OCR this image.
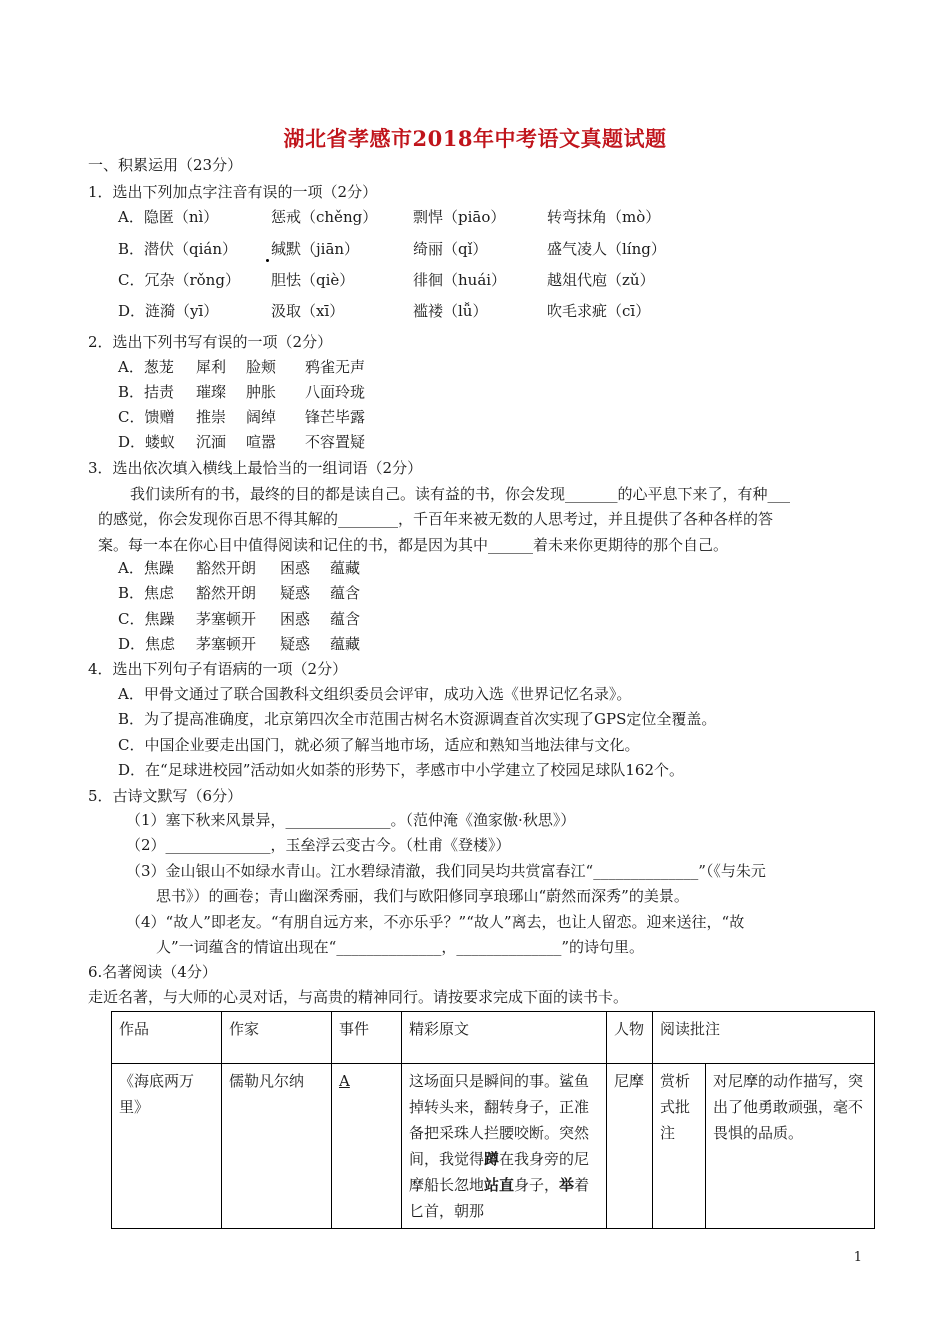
湖北省孝感市2018年中考语文真题试题
一、积累运用（23分）
1．选出下列加点字注音有误的一项（2分）
A．隐匿（nì）	惩戒（chěng） 剽悍（piāo）	转弯抹角（mò）
B．潜伏（qián） 缄默（jiān）	绮丽（qǐ）	盛气凌人（líng）
C．冗杂（rǒng） 胆怯（qiè）	徘徊（huái）	越俎代庖（zǔ）
D．涟漪（yī）	汲取（xī）	褴褛（lǚ）	吹毛求疵（cī）
2．选出下列书写有误的一项（2分）
A．葱茏 犀利 脸颊 鸦雀无声
B．拮责 璀璨 肿胀 八面玲珑
C．馈赠 推崇 阔绰 锋芒毕露
D．蝼蚁 沉湎 喧嚣 不容置疑
3．选出依次填入横线上最恰当的一组词语（2分）
我们读所有的书，最终的目的都是读自己。读有益的书，你会发现_______的心平息下来了，有种___
的感觉，你会发现你百思不得其解的________，千百年来被无数的人思考过，并且提供了各种各样的答
案。每一本在你心目中值得阅读和记住的书，都是因为其中______着未来你更期待的那个自己。
A．焦躁 豁然开朗 困惑 蕴藏
B．焦虑 豁然开朗 疑惑 蕴含
C．焦躁 茅塞顿开 困惑 蕴含
D．焦虑 茅塞顿开 疑惑 蕴藏
4．选出下列句子有语病的一项（2分）
A．甲骨文通过了联合国教科文组织委员会评审，成功入选《世界记忆名录》。
B．为了提高准确度，北京第四次全市范围古树名木资源调查首次实现了GPS定位全覆盖。
C．中国企业要走出国门，就必须了解当地市场，适应和熟知当地法律与文化。
D．在“足球进校园”活动如火如荼的形势下，孝感市中小学建立了校园足球队162个。
5．古诗文默写（6分）
（1）塞下秋来风景异，______________。（范仲淹《渔家傲·秋思》）
（2）______________，玉垒浮云变古今。（杜甫《登楼》）
（3）金山银山不如绿水青山。江水碧绿清澈，我们同吴均共赏富春江“______________”（《与朱元
思书》）的画卷；青山幽深秀丽，我们与欧阳修同享琅琊山“蔚然而深秀”的美景。
（4）“故人”即老友。“有朋自远方来，不亦乐乎？”“故人”离去，也让人留恋。迎来送往，“故
人”一词蕴含的情谊出现在“______________，______________”的诗句里。
6.名著阅读（4分）
走近名著，与大师的心灵对话，与高贵的精神同行。请按要求完成下面的读书卡。
作品	作家	事件	精彩原文	人物	阅读批注	
《海底两万里》	儒勒凡尔纳	A	这场面只是瞬间的事。鲨鱼掉转头来，翻转身子，正准备把采珠人拦腰咬断。突然间，我觉得蹲在我身旁的尼摩船长忽地站直身子，举着匕首，朝那	尼摩	赏析式批注	对尼摩的动作描写，突出了他勇敢顽强，毫不畏惧的品质。
1
